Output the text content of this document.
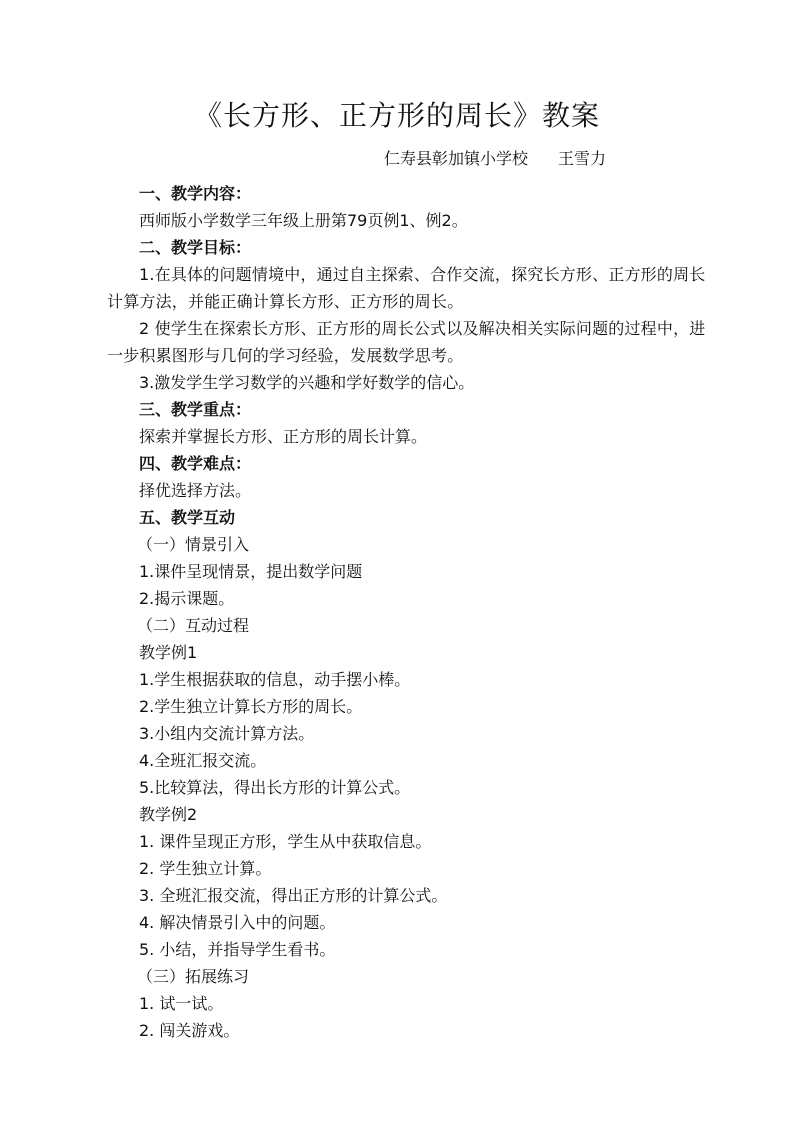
《长方形、正方形的周长》教案
仁寿县彰加镇小学校 王雪力
一、教学内容：
西师版小学数学三年级上册第79页例1、例2。
二、教学目标：
1.在具体的问题情境中，通过自主探索、合作交流，探究长方形、正方形的周长计算方法，并能正确计算长方形、正方形的周长。
2 使学生在探索长方形、正方形的周长公式以及解决相关实际问题的过程中，进一步积累图形与几何的学习经验，发展数学思考。
3.激发学生学习数学的兴趣和学好数学的信心。
三、教学重点：
探索并掌握长方形、正方形的周长计算。
四、教学难点：
择优选择方法。
五、教学互动
（一）情景引入
1.课件呈现情景，提出数学问题
2.揭示课题。
（二）互动过程
教学例1
1.学生根据获取的信息，动手摆小棒。
2.学生独立计算长方形的周长。
3.小组内交流计算方法。
4.全班汇报交流。
5.比较算法，得出长方形的计算公式。
教学例2
1. 课件呈现正方形，学生从中获取信息。
2. 学生独立计算。
3. 全班汇报交流，得出正方形的计算公式。
4. 解决情景引入中的问题。
5. 小结，并指导学生看书。
（三）拓展练习
1. 试一试。
2. 闯关游戏。
